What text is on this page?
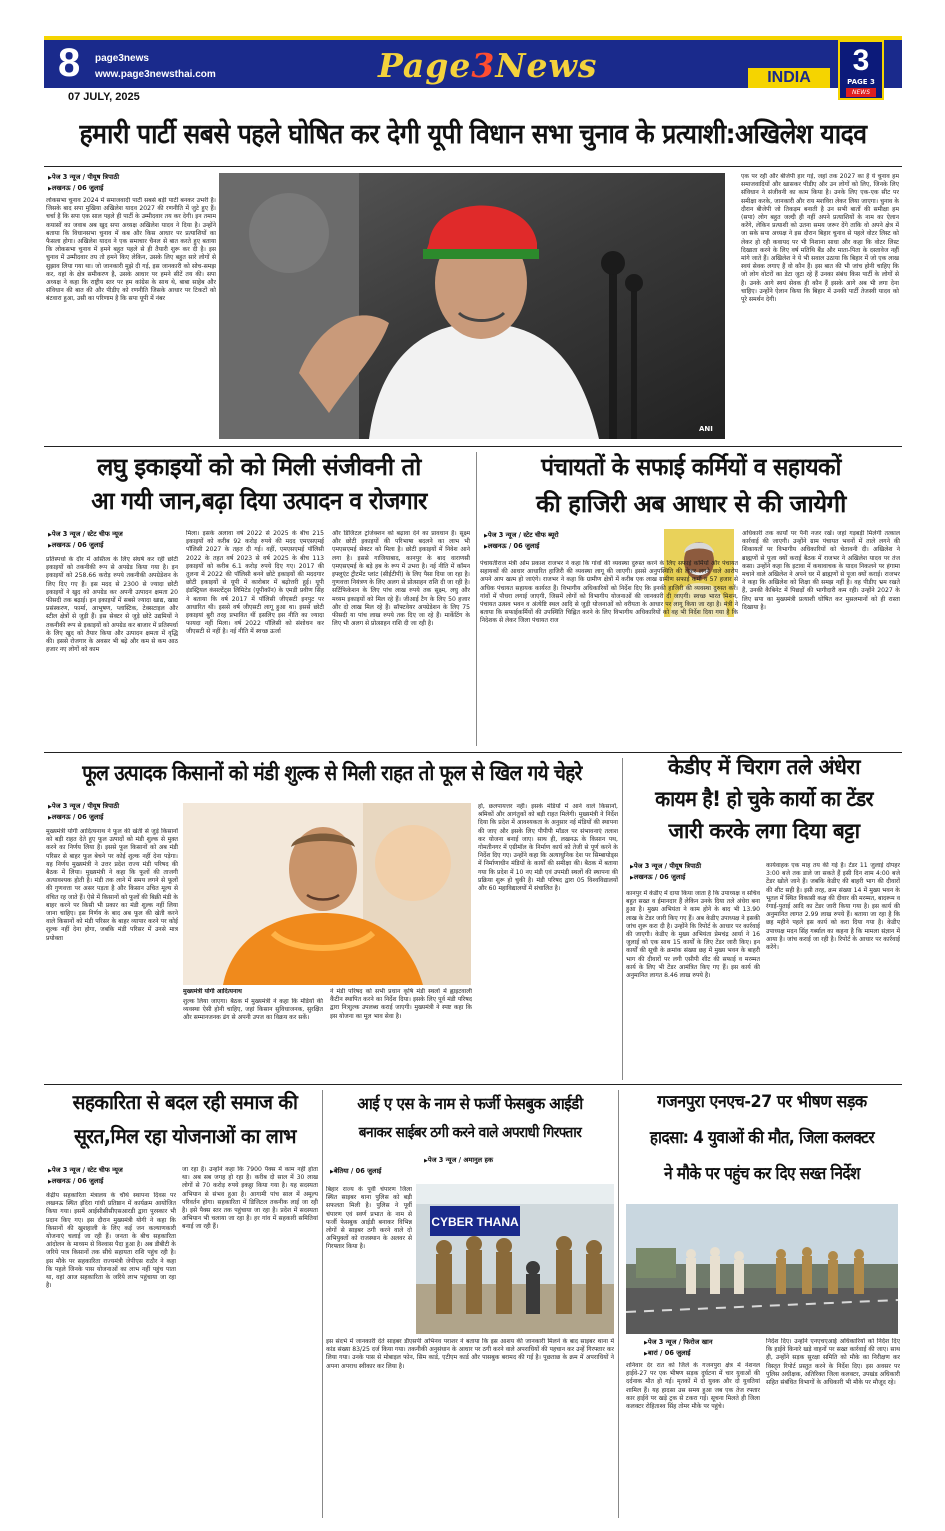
8 page3news
www.page3newsthai.com
07 JULY, 2025
Page3News	INDIA
3
PAGE 3
NEWS
हमारी पार्टी सबसे पहले घोषित कर देगी यूपी विधान सभा चुनाव के प्रत्याशी:अखिलेश यादव
▶ पेज 3 न्यूज / पीयूष त्रिपाठी
▶ लखनऊ / 06 जुलाई
लोकसभा चुनाव 2024 में समाजवादी पार्टी सबसे बड़ी पार्टी बनकर उभरी है। जिसके बाद सपा मुखिया अखिलेश यादव 2027 की रणनीति में जुटे हुए हैं। चर्चा है कि सपा एक साल पहले ही पार्टी के उम्मीदवार तय कर देगी। इन तमाम कयासों का जवाब अब खुद सपा अध्यक्ष अखिलेश यादव ने दिया है। उन्होंने बताया कि विधानसभा चुनाव में कब और किस आधार पर प्रत्याशियों का फैसला होगा। अखिलेश यादव ने एक समाचार चैनल से बात करते हुए बताया कि लोकसभा चुनाव में हमने बहुत पहले से ही तैयारी शुरू कर दी है। इस चुनाव में उम्मीदवार तय तो हमने किए लेकिन, उसके लिए बहुत सारे लोगों से सुझाव लिया गया था। जो जानकारी मुझे दी गई, इस जानकारी को सोच-समझ कर, वहां के क्षेत्र समीकरण है, उसके आधार पर हमने सीटें तय की। सपा अध्यक्ष ने कहा कि राष्ट्रीय स्तर पर हम कांग्रेस के साथ थे, बाबा साहेब और संविधान की बात की और पीडीए को रणनीति जिसके आधार पर टिकटों को बंटवारा हुआ, उसी का परिणाम है कि सपा यूपी में नंबर
ANI
एक पर रही और बीजेपी हार गई, जहां तक 2027 का है ये चुनाव हम समाजवादियों और खासकर पीडीए और उन लोगों को लिए, जिनके लिए संविधान ने संजीवनी का काम किया है। उनके लिए एक-एक सीट पर समीक्षा करके, जानकारी और राय मशविरा लेकर लिया जाएगा। चुनाव के दौरान बीजेपी जो तिकड़म बनाती है उन सभी बातों की समीक्षा हम (सपा) लोग बहुत जल्दी ही नहीं अपने प्रत्याशियों के नाम का ऐलान करेंगे, लेकिन प्रत्याशी को उतना समय जरूर देंगे ताकि वो अपने क्षेत्र में जा सके सपा अध्यक्ष ने इस दौरान बिहार चुनाव से पहले वोटर लिस्ट को लेकर हो रही कवायद पर भी निशाना साधा और कहा कि वोटर लिस्ट दिखाता करने के लिए वर्ष मतिथि बैंड और माता-पिता के दस्तावेज नहीं मांगे जाते हैं। अखिलेश ने ये भी सवाल उठाया कि बिहार में जो एक लाख स्वयं सेवक लगाए हैं वो कौन हैं। इस बात की भी जांच होनी चाहिए कि जो लोग वोटरों का डेटा जुटा रहे हैं उनका संबंध किस पार्टी के लोगों से है। उनके आगे स्वयं सेवक ही कौन हैं इसके आगे अब भी लगा देना चाहिए। उन्होंने ऐलान किया कि बिहार में उनकी पार्टी तेजस्वी यादव को पूरे समर्थन देगी।
लघु इकाइयों को को मिली संजीवनी तो
आ गयी जान,बढ़ा दिया उत्पादन व रोजगार
▶ पेज 3 न्यूज / स्टेट चीफ न्यूज
▶ लखनऊ / 06 जुलाई
प्रतिस्पर्धा के दौर में अस्तित्व के लिए संघर्ष कर रहीं छोटी इकाइयों को तकनीकी रूप से अपग्रेड किया गया है। इन इकाइयों को 258.66 करोड़ रुपये तकनीकी अपग्रेडेशन के लिए दिए गए हैं। इस मदद से 2300 से ज्यादा छोटी इकाइयों ने खुद को अपग्रेड कर अपनी उत्पादन क्षमता 20 फीसदी तक बढ़ाई। इन इकाइयों में सबसे ज्यादा खाद्य, खाद्य प्रसंस्करण, फार्मा, आभूषण, प्लास्टिक, टेक्सटाइल और स्टील क्षेत्रों से जुड़ी हैं। इस सेक्टर से जुड़े छोटे उद्यमियों ने तकनीकी रूप से इकाइयों को अपग्रेड कर बाजार में प्रतिस्पर्धा के लिए खुद को तैयार किया और उत्पादन क्षमता में वृद्धि की। इससे रोजगार के अवसर भी बढ़े और कम से कम आठ हजार नए लोगों को काम
मिला। इसके अलावा वर्ष 2022 से 2025 के बीच 215 इकाइयों को करीब 92 करोड़ रुपये की मदद एमएसएमई पॉलिसी 2027 के तहत दी गई। वहीं, एमएसएमई पॉलिसी 2022 के तहत वर्ष 2023 से वर्ष 2025 के बीच 113 इकाइयों को करीब 6.1 करोड़ रुपये दिए गए। 2017 की तुलना में 2022 की पॉलिसी बनने छोटे इकाइयों की मददगार छोटी इकाइयों से यूपी में कारोबार में बढ़ोत्तरी हुई। यूपी इंडस्ट्रियल कंसल्टेंट्स लिमिटेड (यूपीकॉन) के एमडी प्रवीण सिंह ने बताया कि वर्ष 2017 में पॉलिसी जीएसटी इनपुट पर आधारित थी। इससे वर्ष जीएसटी लागू हुआ था। इससे छोटी इकाइयां बुरी तरह प्रभावित थीं इसलिए इस नीति का ज्यादा फायदा नहीं मिला। वर्ष 2022 पॉलिसी को संशोधन कर जीएसटी से नहीं है। नई नीति में स्वच्छ ऊर्जा
और डिजिटल ट्रांजेक्शन को बढ़ावा देने का प्रावधान है। सूक्ष्म और छोटी इकाइयों की परिभाषा बदलने का लाभ भी एमएसएमई सेक्टर को मिला है। छोटी इकाइयों में निवेश आने लगा है। इससे गाजियाबाद, कानपुर के बाद वाराणसी एमएसएमई के बड़े हब के रूप में उभरा है। नई नीति में कॉमन इफ्लूएंट ट्रीटमेंट प्लांट (सीईटीपी) के लिए पैसा दिया जा रहा है। गुणवत्ता नियंत्रण के लिए अलग से प्रोत्साहन राशि दी जा रही है। सर्टिफिकेशन के लिए पांच लाख रुपये तक सूक्ष्म, लघु और मध्यम इकाइयों को मिल रहे हैं। जीआई टैग के लिए 50 हजार और दो लाख मिल रहे हैं। सॉफ्टवेयर अपग्रेडेशन के लिए 75 फीसदी या पांच लाख रुपये तक दिए जा रहे हैं। मार्केटिंग के लिए भी अलग से प्रोत्साहन राशि दी जा रही है।
पंचायतों के सफाई कर्मियों व सहायकों
की हाजिरी अब आधार से की जायेगी
▶ पेज 3 न्यूज / स्टेट चीफ ब्यूरो
▶ लखनऊ / 06 जुलाई
पंचायतीराज मंत्री ओम प्रकाश राजभर ने कहा कि गांवों की व्यवस्था दुरुस्त करने के लिए सफाई कर्मियों और पंचायत सहायकों की आधार आधारित हाजिरी की व्यवस्था लागू की जाएगी। इससे अनुपस्थिति की लेकर लगने वाले आरोप अपने आप खत्म हो जाएंगे। राजभर ने कहा कि ग्रामीण क्षेत्रों में करीब एक लाख ग्रामीण सफाई कर्मी व 57 हजार से अधिक पंचायत सहायक कार्यरत हैं। विभागीय अधिकारियों को निर्देश दिए कि इनकी हाजिरी की व्यवस्था दुरुस्त करें। गांवों में पौधरा लगाई जाएगी, जिसमें लोगों को विभागीय योजनाओं की जानकारी दी जाएगी। स्वच्छ भारत मिशन, पंचायत उत्सव भवन व अंत्येष्टि स्थल आदि से जुड़ी योजनाओं को वरीयता के आधार पर लागू किया जा रहा है। मंत्री ने बताया कि सफाईकर्मियों की उपस्थिति चिह्नित करने के लिए विभागीय अधिकारियों को वह भी निर्देश दिया गया है कि निदेशक से लेकर जिला पंचायत राज
अधिकारी तक कार्यों पर पैनी नजर रखें। जहां गड़बड़ी मिलेगी तत्काल कार्रवाई की जाएगी। उन्होंने ग्राम पंचायत भवनों में ताले लगने की शिकायतों पर विभागीय अधिकारियों को चेतावनी दी। अखिलेश ने ब्राह्मणों से पूजा क्यों कराई बैठक में राजभर ने अखिलेश यादव पर तंज कसा। उन्होंने कहा कि इटावा में कथावाचक के यादव निकलने पर हंगामा मचाने वाले अखिलेश ने अपने घर में ब्राह्मणों से पूजा क्यों कराई। राजभर ने कहा कि अखिलेश को शिक्षा की समझ नहीं है। वह पीडीए भ्रम रखते हैं, उनकी कैबिनेट में पिछड़ों की भागीदारी कम रही। उन्होंने 2027 के लिए सपा का मुख्यमंत्री प्रत्याशी घोषित कर मुसलमानों को ही रास्ता दिखाया है।
फूल उत्पादक किसानों को मंडी शुल्क से मिली राहत तो फूल से खिल गये चेहरे
▶ पेज 3 न्यूज / पीयूष त्रिपाठी
▶ लखनऊ / 06 जुलाई
मुख्यमंत्री योगी आदित्यनाथ ने फूल की खेती से जुड़े किसानों को बड़ी राहत देते हुए फूल उत्पादों को मंडी शुल्क से मुक्त करने का निर्णय लिया है। इससे फूल किसानों को अब मंडी परिसर से बाहर फूल बेचने पर कोई शुल्क नहीं देना पड़ेगा। यह निर्णय मुख्यमंत्री ने उत्तर प्रदेश राज्य मंडी परिषद की बैठक में लिया। मुख्यमंत्री ने कहा कि फूलों की ताजगी अत्यावश्यक होती है। मंडी तक लाने में समय लगने से फूलों की गुणवत्ता पर असर पड़ता है और किसान उचित मूल्य से वंचित रह जाते हैं। ऐसे में किसानों को फूलों की बिक्री मंडी के बाहर करने पर किसी भी प्रकार का मंडी शुल्क नहीं लिया जाना चाहिए। इस निर्णय के बाद अब फूल की खेती करने वाले किसानों को मंडी परिसर के बाहर व्यापार करने पर कोई शुल्क नहीं देना होगा, जबकि मंडी परिसर में उनसे मात्र प्रयोक्ता
मुख्यमंत्री योगी आदित्यनाथ
शुल्क लिया जाएगा। बैठक में मुख्यमंत्री ने कहा कि मंडियों की व्यवस्था ऐसी होनी चाहिए, जहां किसान सुविधाजनक, सुरक्षित और सम्मानजनक ढंग से अपनी उपज का विक्रय कर सकें।
ने मंडी परिषद को सभी प्रधान कृषि मंडी स्थलों में ह्वाइटवाली कैंटीन स्थापित करने का निर्देश दिया। इसके लिए पूर्व मंडी परिषद द्वारा निःशुल्क उपलब्ध कराई जाएगी। मुख्यमंत्री ने स्पष्ट कहा कि इस योजना का मूल भाव सेवा है।
हो, छलपायत्तर नहीं। इसके मंडियों में आने वाले किसानों, श्रमिकों और आगंतुकों को बड़ी राहत मिलेगी। मुख्यमंत्री ने निर्देश दिया कि प्रदेश में आवश्यकता के अनुसार नई मंडियों की स्थापना की जाए और इसके लिए पीपीपी मॉडल पर संभावनाएं तलाश कर योजना बनाई जाए। साथ ही, लखनऊ के किसान पथ, गोमतीनगर में एग्रीमॉल के निर्माण कार्य को तेजी से पूर्ण करने के निर्देश दिए गए। उन्होंने कहा कि अत्याधुनिक देश पर सिम्बायोड्स में निर्माणाधीन मंडियों के कार्यों की समीक्षा की। बैठक में बताया गया कि प्रदेश में 10 नए मंडी एवं उपमंडी स्थलों की स्थापना की प्रक्रिया शुरू हो चुकी है। मंडी परिषद द्वारा 05 विश्वविद्यालयों और 60 महाविद्यालयों में संचालित है।
केडीए में चिराग तले अंधेरा
कायम है! हो चुके कार्यो का टेंडर
जारी करके लगा दिया बट्टा
▶ पेज 3 न्यूज / पीयूष त्रिपाठी
▶ लखनऊ / 06 जुलाई
कानपुर में केडीए में दाया किया जाता है कि उपाध्यक्ष व सचिव बहुत सख्त व ईमानदार हैं लेकिन उनके दिया तले अंधेरा बना हुआ है। मुख्य अभियंता ने काम होने के बाद भी 13.90 लाख के टेंडर जारी किए गए हैं। अब केडीए उपाध्यक्ष ने इसकी जांच शुरू करा दी है। उन्होंने कि रिपोर्ट के आधार पर कार्रवाई की जाएगी। केडीए के मुख्य अभियंता प्रेमचंद्र आर्या ने 16 जुलाई को एक साथ 15 कार्यों के लिए टेंडर जारी किए। इन कार्यों की सूची के क्रमांक संख्या छह में मुख्य भवन के बाहरी भाग की दीवारों पर लगी एसीपी शीट की सफाई व मरम्मत कार्य के लिए भी टेंडर आमंत्रित किए गए हैं। इस कार्य की अनुमानित लागत 8.46 लाख रुपये है।
कार्यवाहक एक माह तय की गई है। टेंडर 11 जुलाई दोपहर 3:00 बजे तक डाले जा सकते हैं इसी दिन शाम 4:00 बजे टेंडर खोले जाने हैं। जबकि केडीए की बाहरी भाग की दीवारों की शीट सही है। इसी तरह, क्रम संख्या 14 में मुख्य भवन के भूतल में स्थित विकासी कक्ष की दीवार की मरम्मत, बादरूम व रंगाई-पुताई आदि का टेंडर जारी किया गया है। इस कार्य की अनुमानित लागत 2.99 लाख रुपये हैं। बताया जा रहा है कि छह महीने पहले इस कार्य को करा दिया गया है। केडीए उपाध्यक्ष मदन सिंह गर्ब्याल का कहना है कि मामला संज्ञान में आया है। जांच कराई जा रही है। रिपोर्ट के आधार पर कार्रवाई करेंगे।
सहकारिता से बदल रही समाज की
सूरत,मिल रहा योजनाओं का लाभ
▶ पेज 3 न्यूज / स्टेट चीफ न्यूज
▶ लखनऊ / 06 जुलाई
केंद्रीय सहकारिता मंत्रालय के चौथे स्थापना दिवस पर लखनऊ स्थित इंदिरा गांधी प्रतिष्ठान में कार्यक्रम आयोजित किया गया। इसमें आईसीसीसीएसआरडी द्वारा पुरस्कार भी प्रदान किए गए। इस दौरान मुख्यमंत्री योगी ने कहा कि किसानों की खुशहाली के लिए कई जन कल्याणकारी योजनाएं चलाई जा रही हैं। जनता के बीच सहकारिता आंदोलन के माध्यम से विश्वास पैदा हुआ है। अब डीबीटी के जरिये पात्र किसानों तक सीधे सहायता राशि पहुंच रही है। इस मौके पर सहकारिता राज्यमंत्री जेपीएस राठौर ने कहा कि पहले जिनके पास योजनाओं का लाभ नहीं पहुंच पाता था, वहां आज सहकारिता के जरिये लाभ पहुंचाया जा रहा है।
जा रहा है। उन्होंने कहा कि 7900 पैक्स में काम नहीं होता था। अब सब जगह हो रहा है। करीब दो साल में 30 लाख लोगों से 70 करोड़ रुपये इकट्ठा किया गया है। यह सदस्यता अभियान से संभव हुआ है। आगामी पांच साल में अमूल्य परिवर्तन होगा। सहकारिता में डिजिटल तकनीक लाई जा रही है। इसे पैक्स स्तर तक पहुंचाया जा रहा है। प्रदेश में सदस्यता अभियान भी चलाया जा रहा है। हर गांव में सहकारी समितियां बनाई जा रही हैं।
आई ए एस के नाम से फर्जी फेसबुक आईडी
बनाकर साईबर ठगी करने वाले अपराधी गिरफ्तार
▶ पेज 3 न्यूज / अमानुल हक
▶ बेतिया / 06 जुलाई
बिहार राज्य के पूर्वी चंपारण जिला स्थित साइबर थाना पुलिस को बड़ी सफलता मिली है। पुलिस ने पूर्वी चंपारण एवं स्वर्ण प्रभात के नाम से फर्जी फेसबुक आईडी बनाकर विभिन्न लोगों से साइबर ठगी करने वाले दो अभियुक्तों को राजस्थान के अलवर से गिरफ्तार किया है।
CYBER THANA
इस संदर्भ में जानकारी देते साइबर डीएसपी अभिनव पराशर ने बताया कि इस आशय की जानकारी मिलने के बाद साइबर थाना में कांड संख्या 83/25 दर्ज किया गया। तकनीकी अनुसंधान के आधार पर ठगी करने वाले अपराधियों की पहचान कर उन्हें गिरफ्तार कर लिया गया। उनके पास से मोबाइल फोन, सिम कार्ड, एटीएम कार्ड और पासबुक बरामद की गई है। पूछताछ के क्रम में अपराधियों ने अपना अपराध स्वीकार कर लिया है।
गजनपुरा एनएच-27 पर भीषण सड़क
हादसा: 4 युवाओं की मौत, जिला कलक्टर
ने मौके पर पहुंच कर दिए सख्त निर्देश
▶ पेज 3 न्यूज / फिरोज खान
▶ बारां / 06 जुलाई
शनिवार देर रात को जिले के गजनपुरा क्षेत्र में नेशनल हाईवे-27 पर एक भीषण सड़क दुर्घटना में चार युवाओं की दर्दनाक मौत हो गई। मृतकों में दो युवक और दो युवतियां शामिल हैं। यह हादसा उस समय हुआ जब एक तेज रफ्तार कार हाईवे पर खड़े ट्रक से टकरा गई। सूचना मिलते ही जिला कलक्टर रोहिताश्व सिंह तोमर मौके पर पहुंचे।
निर्देश दिए। उन्होंने एनएचएआई अधिकारियों को निर्देश दिए कि हाईवे किनारे खड़े वाहनों पर सख्त कार्रवाई की जाए। साथ ही, उन्होंने सड़क सुरक्षा समिति को मौके का निरीक्षण कर विस्तृत रिपोर्ट प्रस्तुत करने के निर्देश दिए। इस अवसर पर पुलिस अधीक्षक, अतिरिक्त जिला कलक्टर, उपखंड अधिकारी सहित संबंधित विभागों के अधिकारी भी मौके पर मौजूद रहे।
